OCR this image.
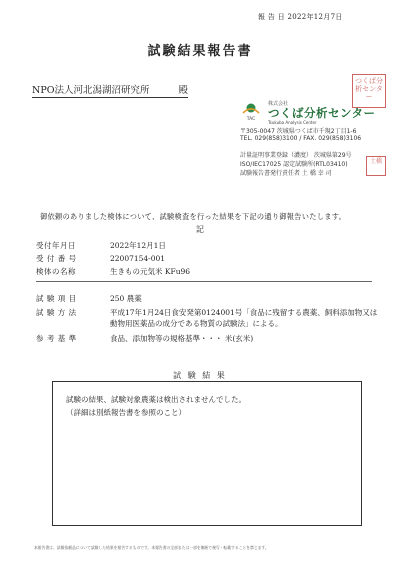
報 告 日 2022年12月7日
試験結果報告書
NPO法人河北潟湖沼研究所	殿
TAC
株式会社
つくば分析センター
Tsukuba Analysis Center
〒305-0047 茨城県つくば市千現2丁目1-6
TEL. 029(858)3100 / FAX. 029(858)3106
計量証明事業登録（濃度） 茨城県第29号
ISO/IEC17025 認定試験所(RTL03410)
試験報告書発行責任者 土 橋 幸 司
つくば分析センター
土橋
御依頼のありました検体について、試験検査を行った結果を下記の通り御報告いたします。
記
受付年月日	2022年12月1日
受 付 番 号	22007154-001
検体の名称	生きもの元気米 KFu96
試 験 項 目	250 農薬
試 験 方 法	平成17年1月24日食安発第0124001号「食品に残留する農薬、飼料添加物又は動物用医薬品の成分である物質の試験法」による。
参 考 基 準	食品、添加物等の規格基準・・・ 米(玄米)
試 験 結 果
試験の結果、試験対象農薬は検出されませんでした。
（詳細は別紙報告書を参照のこと）
本報告書は、試験依頼品について試験した結果を報告するものです。本報告書の全部または一部を無断で複写・転載することを禁じます。
